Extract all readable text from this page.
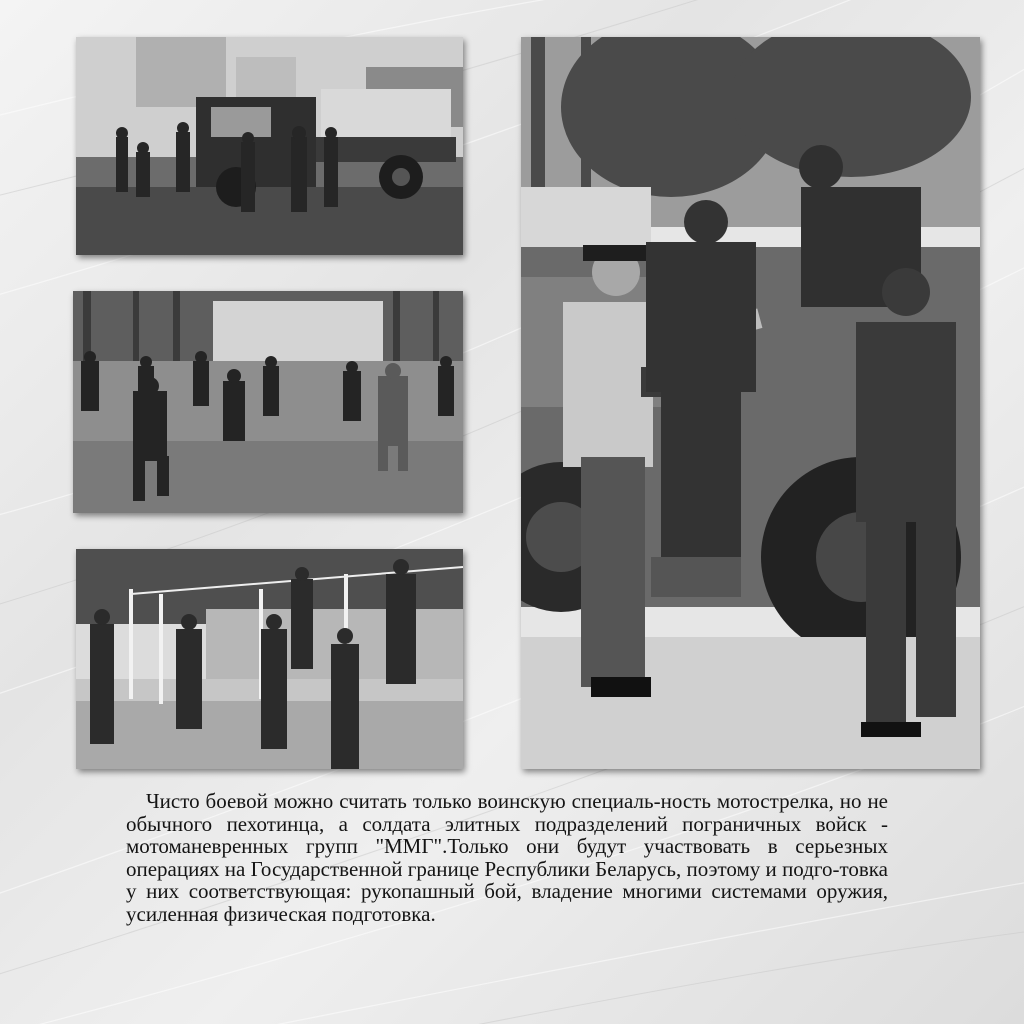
Чисто боевой можно считать только воинскую специаль-ность мотострелка, но не обычного пехотинца, а солдата элитных подразделений пограничных войск - мотоманевренных групп "ММГ".Только они будут участвовать в серьезных операциях на Государственной границе Республики Беларусь, поэтому и подго-товка у них соответствующая: рукопашный бой, владение многими системами оружия, усиленная физическая подготовка.
